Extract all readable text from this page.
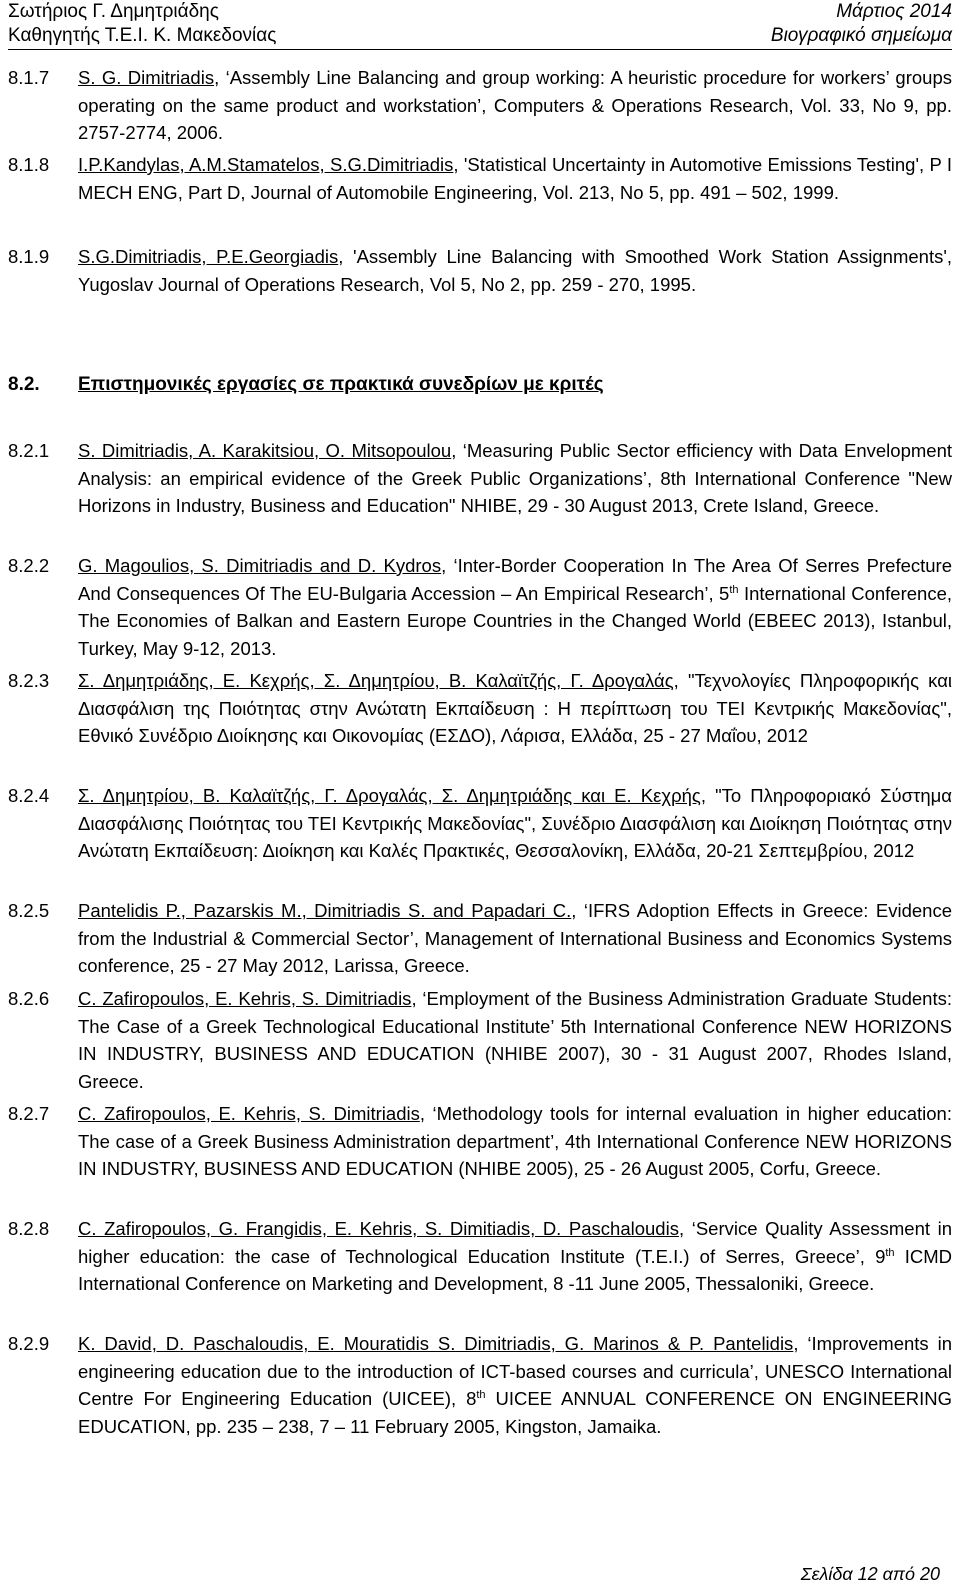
Σωτήριος Γ. Δημητριάδης
Καθηγητής Τ.Ε.Ι. Κ. Μακεδονίας
Μάρτιος 2014
Βιογραφικό σημείωμα
8.1.7	S. G. Dimitriadis, ‘Assembly Line Balancing and group working: A heuristic procedure for workers’ groups operating on the same product and workstation’, Computers & Operations Research, Vol. 33, No 9, pp. 2757-2774, 2006.
8.1.8	I.P.Kandylas, A.M.Stamatelos, S.G.Dimitriadis, 'Statistical Uncertainty in Automotive Emissions Testing', P I MECH ENG, Part D, Journal of Automobile Engineering, Vol. 213, No 5, pp. 491 – 502, 1999.
8.1.9	S.G.Dimitriadis, P.E.Georgiadis, 'Assembly Line Balancing with Smoothed Work Station Assignments', Yugoslav Journal of Operations Research, Vol 5, No 2, pp. 259 - 270, 1995.
8.2. Επιστημονικές εργασίες σε πρακτικά συνεδρίων με κριτές
8.2.1	S. Dimitriadis, A. Karakitsiou, O. Mitsopoulou, ‘Measuring Public Sector efficiency with Data Envelopment Analysis: an empirical evidence of the Greek Public Organizations’, 8th International Conference "New Horizons in Industry, Business and Education" NHIBE, 29 - 30 August 2013, Crete Island, Greece.
8.2.2	G. Magoulios, S. Dimitriadis and D. Kydros, ‘Inter-Border Cooperation In The Area Of Serres Prefecture And Consequences Of The EU-Bulgaria Accession – An Empirical Research’, 5th International Conference, The Economies of Balkan and Eastern Europe Countries in the Changed World (EBEEC 2013), Istanbul, Turkey, May 9-12, 2013.
8.2.3	Σ. Δημητριάδης, Ε. Κεχρής, Σ. Δημητρίου, Β. Καλαϊτζής, Γ. Δρογαλάς, "Τεχνολογίες Πληροφορικής και Διασφάλιση της Ποιότητας στην Ανώτατη Εκπαίδευση : Η περίπτωση του ΤΕΙ Κεντρικής Μακεδονίας", Εθνικό Συνέδριο Διοίκησης και Οικονομίας (ΕΣΔΟ), Λάρισα, Ελλάδα, 25 - 27 Μαΐου, 2012
8.2.4	Σ. Δημητρίου, Β. Καλαϊτζής, Γ. Δρογαλάς, Σ. Δημητριάδης και Ε. Κεχρής, "Το Πληροφοριακό Σύστημα Διασφάλισης Ποιότητας του ΤΕΙ Κεντρικής Μακεδονίας", Συνέδριο Διασφάλιση και Διοίκηση Ποιότητας στην Ανώτατη Εκπαίδευση: Διοίκηση και Καλές Πρακτικές, Θεσσαλονίκη, Ελλάδα, 20-21 Σεπτεμβρίου, 2012
8.2.5	Pantelidis P., Pazarskis M., Dimitriadis S. and Papadari C., ‘IFRS Adoption Effects in Greece: Evidence from the Industrial & Commercial Sector’, Management of International Business and Economics Systems conference, 25 - 27 May 2012, Larissa, Greece.
8.2.6	C. Zafiropoulos, E. Kehris, S. Dimitriadis, ‘Employment of the Business Administration Graduate Students: The Case of a Greek Technological Educational Institute’ 5th International Conference NEW HORIZONS IN INDUSTRY, BUSINESS AND EDUCATION (NHIBE 2007), 30 - 31 August 2007, Rhodes Island, Greece.
8.2.7	C. Zafiropoulos, E. Kehris, S. Dimitriadis, ‘Methodology tools for internal evaluation in higher education: The case of a Greek Business Administration department’, 4th International Conference NEW HORIZONS IN INDUSTRY, BUSINESS AND EDUCATION (NHIBE 2005), 25 - 26 August 2005, Corfu, Greece.
8.2.8	C. Zafiropoulos, G. Frangidis, E. Kehris, S. Dimitiadis, D. Paschaloudis, ‘Service Quality Assessment in higher education: the case of Technological Education Institute (T.E.I.) of Serres, Greece’, 9th ICMD International Conference on Marketing and Development, 8 -11 June 2005, Thessaloniki, Greece.
8.2.9	K. David, D. Paschaloudis, E. Mouratidis S. Dimitriadis, G. Marinos & P. Pantelidis, ‘Improvements in engineering education due to the introduction of ICT-based courses and curricula’, UNESCO International Centre For Engineering Education (UICEE), 8th UICEE ANNUAL CONFERENCE ON ENGINEERING EDUCATION, pp. 235 – 238, 7 – 11 February 2005, Kingston, Jamaika.
Σελίδα 12 από 20
